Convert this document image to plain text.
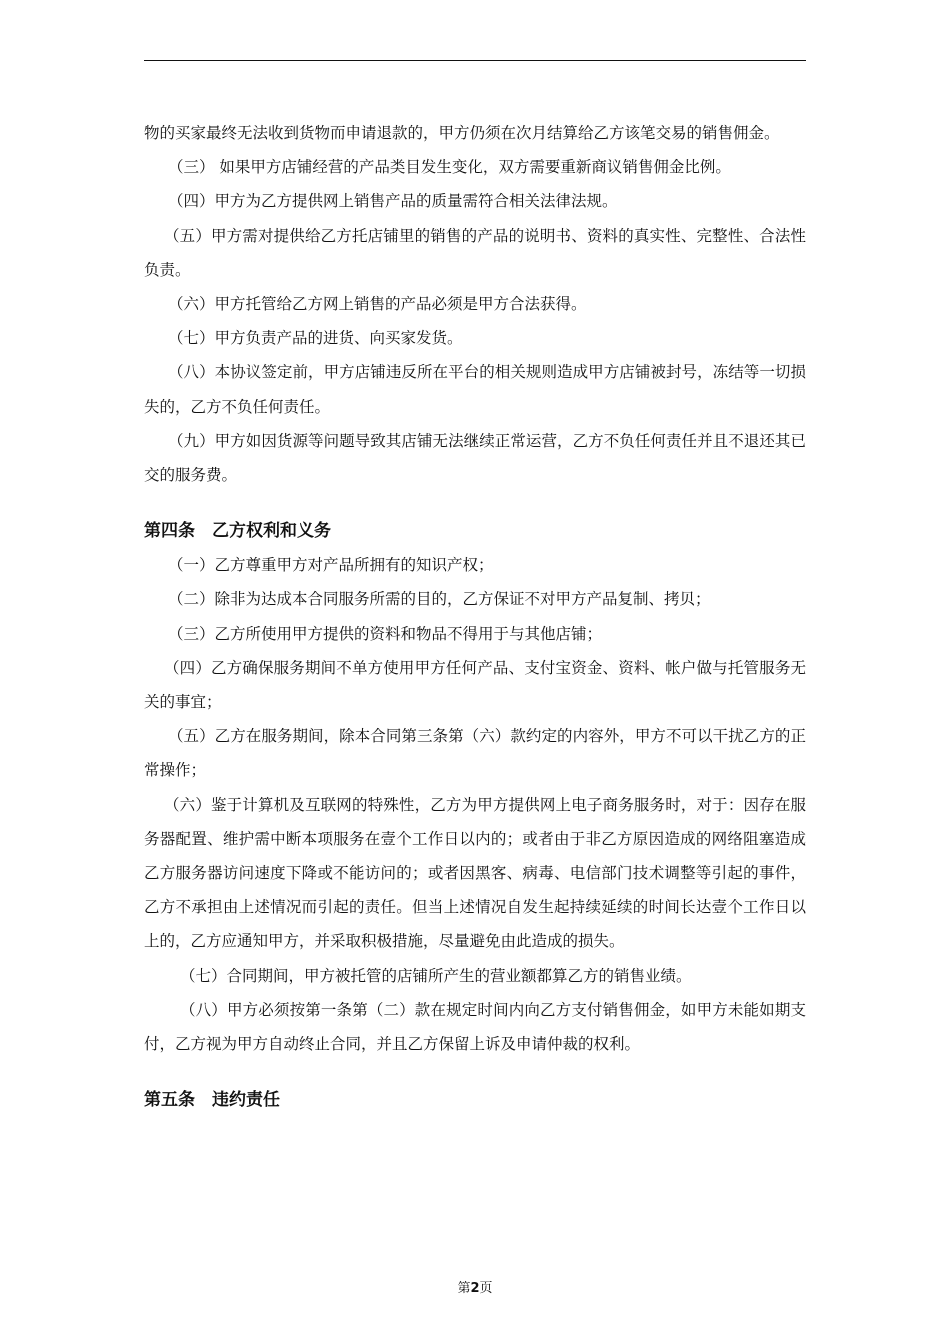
物的买家最终无法收到货物而申请退款的，甲方仍须在次月结算给乙方该笔交易的销售佣金。

（三） 如果甲方店铺经营的产品类目发生变化，双方需要重新商议销售佣金比例。

（四）甲方为乙方提供网上销售产品的质量需符合相关法律法规。

（五）甲方需对提供给乙方托店铺里的销售的产品的说明书、资料的真实性、完整性、合法性负责。

（六）甲方托管给乙方网上销售的产品必须是甲方合法获得。

（七）甲方负责产品的进货、向买家发货。

（八）本协议签定前，甲方店铺违反所在平台的相关规则造成甲方店铺被封号，冻结等一切损失的，乙方不负任何责任。

（九）甲方如因货源等问题导致其店铺无法继续正常运营，乙方不负任何责任并且不退还其已交的服务费。

第四条　乙方权利和义务

（一）乙方尊重甲方对产品所拥有的知识产权；

（二）除非为达成本合同服务所需的目的，乙方保证不对甲方产品复制、拷贝；

（三）乙方所使用甲方提供的资料和物品不得用于与其他店铺；

（四）乙方确保服务期间不单方使用甲方任何产品、支付宝资金、资料、帐户做与托管服务无关的事宜；

（五）乙方在服务期间，除本合同第三条第（六）款约定的内容外，甲方不可以干扰乙方的正常操作；

（六）鉴于计算机及互联网的特殊性，乙方为甲方提供网上电子商务服务时，对于：因存在服务器配置、维护需中断本项服务在壹个工作日以内的；或者由于非乙方原因造成的网络阻塞造成乙方服务器访问速度下降或不能访问的；或者因黑客、病毒、电信部门技术调整等引起的事件，乙方不承担由上述情况而引起的责任。但当上述情况自发生起持续延续的时间长达壹个工作日以上的，乙方应通知甲方，并采取积极措施，尽量避免由此造成的损失。

（七）合同期间，甲方被托管的店铺所产生的营业额都算乙方的销售业绩。

（八）甲方必须按第一条第（二）款在规定时间内向乙方支付销售佣金，如甲方未能如期支付，乙方视为甲方自动终止合同，并且乙方保留上诉及申请仲裁的权利。

第五条　违约责任

第2页
